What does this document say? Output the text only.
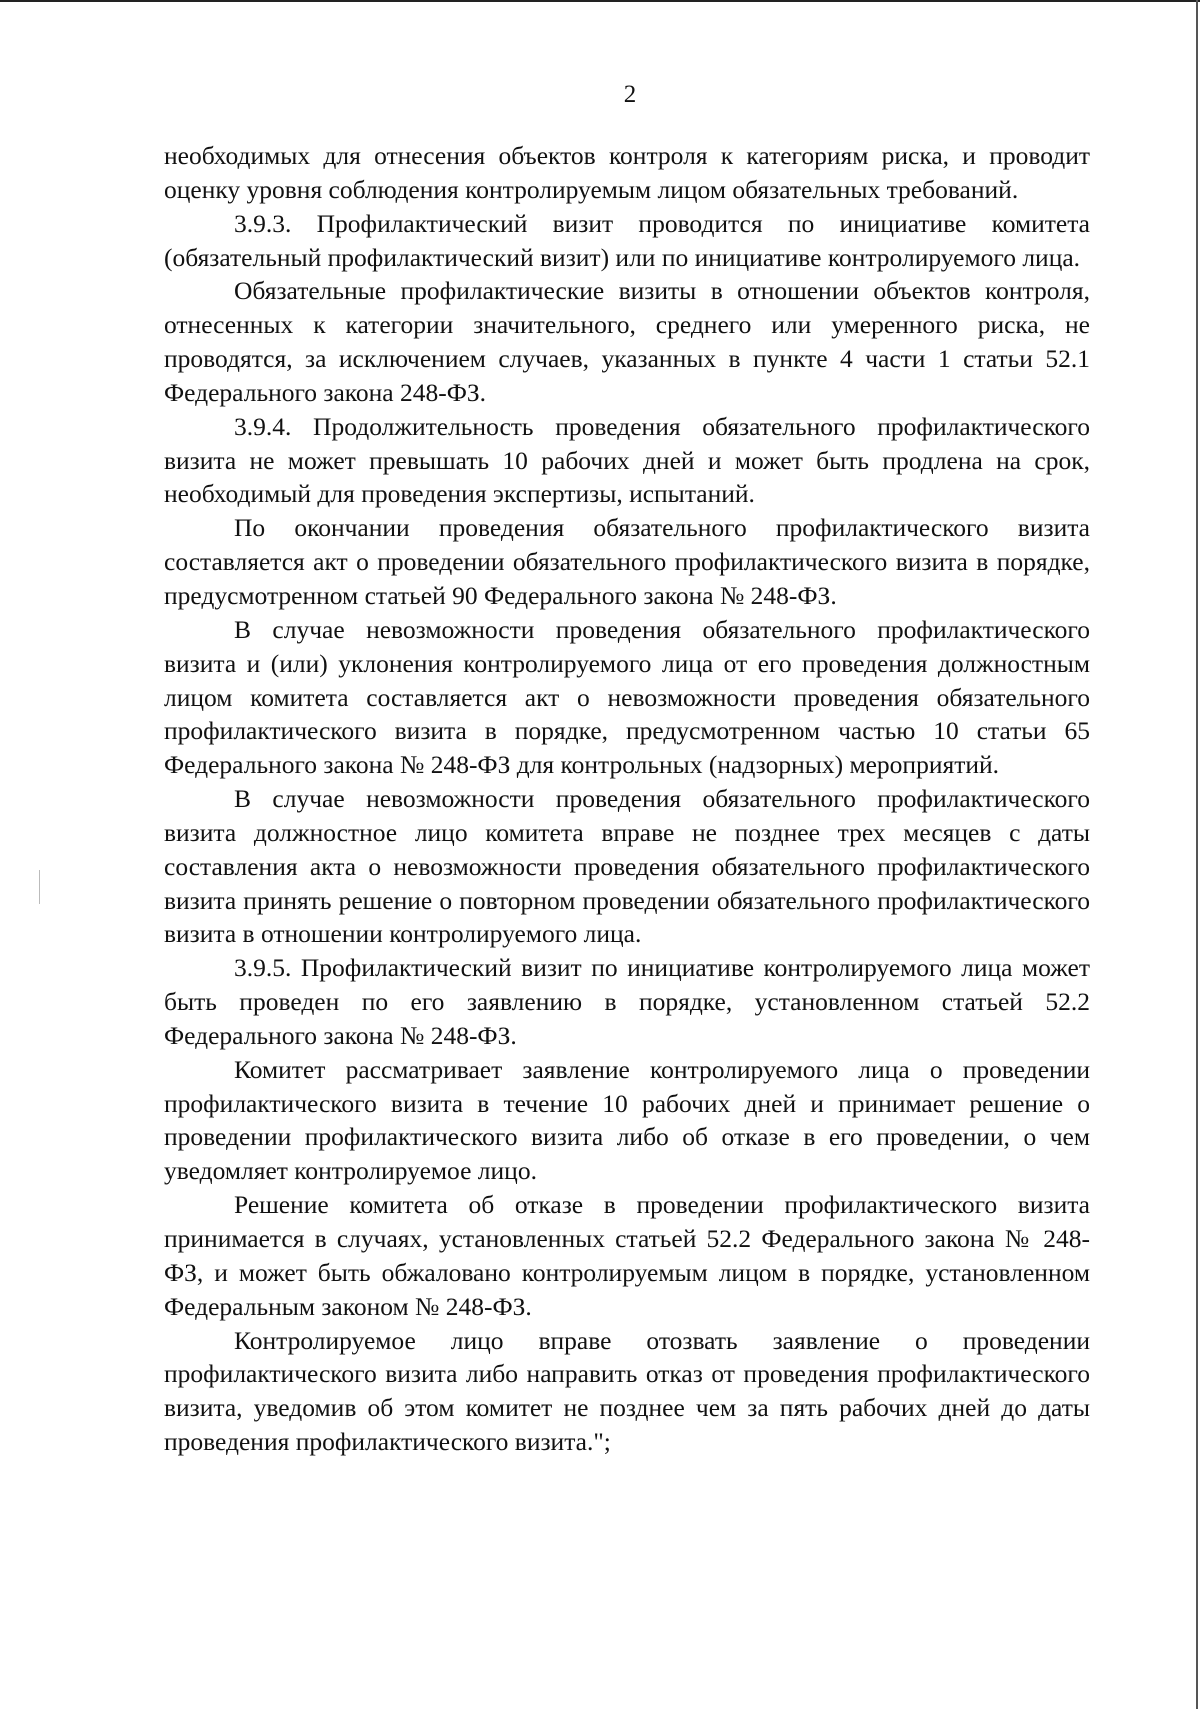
2

необходимых для отнесения объектов контроля к категориям риска, и проводит оценку уровня соблюдения контролируемым лицом обязательных требований.

3.9.3. Профилактический визит проводится по инициативе комитета (обязательный профилактический визит) или по инициативе контролируемого лица.

Обязательные профилактические визиты в отношении объектов контроля, отнесенных к категории значительного, среднего или умеренного риска, не проводятся, за исключением случаев, указанных в пункте 4 части 1 статьи 52.1 Федерального закона 248-ФЗ.

3.9.4. Продолжительность проведения обязательного профилактического визита не может превышать 10 рабочих дней и может быть продлена на срок, необходимый для проведения экспертизы, испытаний.

По окончании проведения обязательного профилактического визита составляется акт о проведении обязательного профилактического визита в порядке, предусмотренном статьей 90 Федерального закона № 248-ФЗ.

В случае невозможности проведения обязательного профилактического визита и (или) уклонения контролируемого лица от его проведения должностным лицом комитета составляется акт о невозможности проведения обязательного профилактического визита в порядке, предусмотренном частью 10 статьи 65 Федерального закона № 248-ФЗ для контрольных (надзорных) мероприятий.

В случае невозможности проведения обязательного профилактического визита должностное лицо комитета вправе не позднее трех месяцев с даты составления акта о невозможности проведения обязательного профилактического визита принять решение о повторном проведении обязательного профилактического визита в отношении контролируемого лица.

3.9.5. Профилактический визит по инициативе контролируемого лица может быть проведен по его заявлению в порядке, установленном статьей 52.2 Федерального закона № 248-ФЗ.

Комитет рассматривает заявление контролируемого лица о проведении профилактического визита в течение 10 рабочих дней и принимает решение о проведении профилактического визита либо об отказе в его проведении, о чем уведомляет контролируемое лицо.

Решение комитета об отказе в проведении профилактического визита принимается в случаях, установленных статьей 52.2 Федерального закона № 248-ФЗ, и может быть обжаловано контролируемым лицом в порядке, установленном Федеральным законом № 248-ФЗ.

Контролируемое лицо вправе отозвать заявление о проведении профилактического визита либо направить отказ от проведения профилактического визита, уведомив об этом комитет не позднее чем за пять рабочих дней до даты проведения профилактического визита.";
